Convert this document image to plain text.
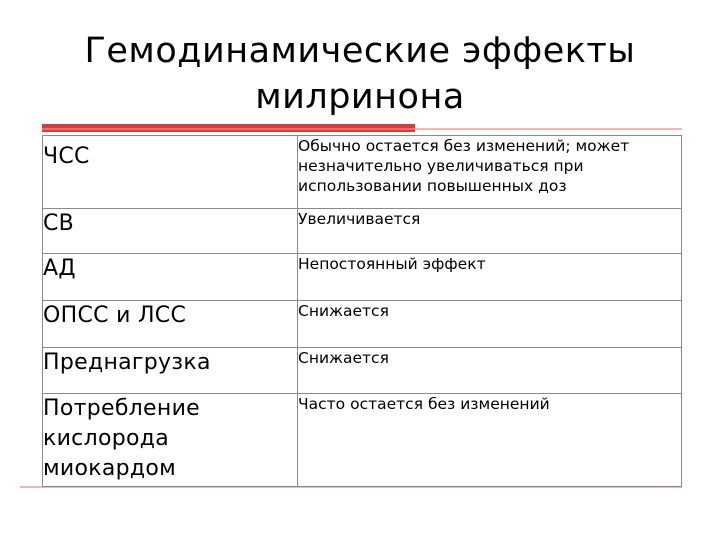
Гемодинамические эффекты
милринона
ЧСС	Обычно остается без изменений; может незначительно увеличиваться при использовании повышенных доз
СВ	Увеличивается
АД	Непостоянный эффект
ОПСС и ЛСС	Снижается
Преднагрузка	Снижается
Потребление кислорода миокардом	Часто остается без изменений
